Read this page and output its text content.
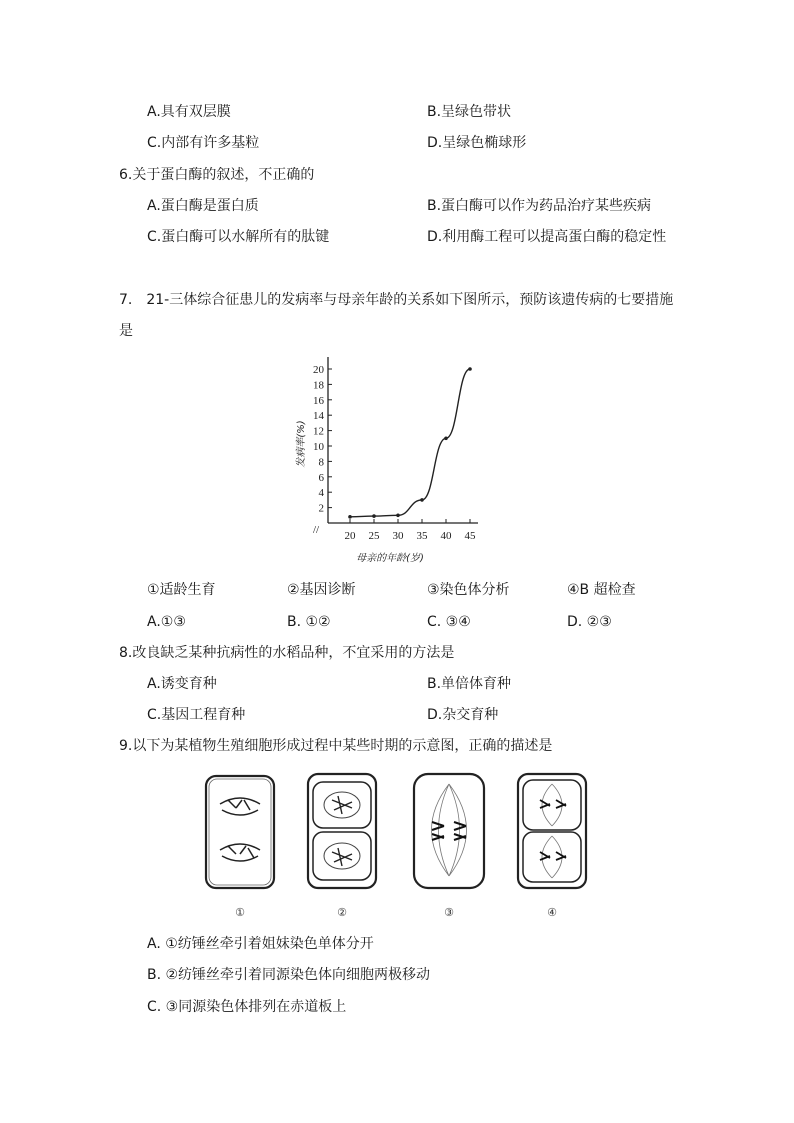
A.具有双层膜	B.呈绿色带状
C.内部有许多基粒	D.呈绿色椭球形
6.关于蛋白酶的叙述，不正确的
A.蛋白酶是蛋白质	B.蛋白酶可以作为药品治疗某些疾病
C.蛋白酶可以水解所有的肽键	D.利用酶工程可以提高蛋白酶的稳定性
7.　21-三体综合征患儿的发病率与母亲年龄的关系如下图所示，预防该遗传病的七要措施
是
2
4
6
8
10
12
14
16
18
20
20 25 30 35 40 45
发病率(%)
母亲的年龄(岁)
//
①适龄生育	②基因诊断	③染色体分析	④B 超检查
A.①③	B. ①②	C. ③④	D. ②③
8.改良缺乏某种抗病性的水稻品种，不宜采用的方法是
A.诱变育种	B.单倍体育种
C.基因工程育种	D.杂交育种
9.以下为某植物生殖细胞形成过程中某些时期的示意图，正确的描述是
①	②	③	④
A. ①纺锤丝牵引着姐妹染色单体分开
B. ②纺锤丝牵引着同源染色体向细胞两极移动
C. ③同源染色体排列在赤道板上
